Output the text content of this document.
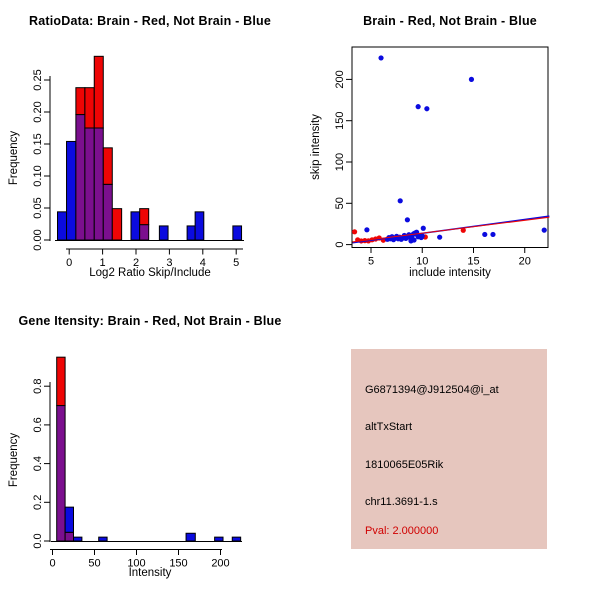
RatioData: Brain - Red, Not Brain - Blue
0.00
0.05
0.10
0.15
0.20
0.25
0 1 2 3 4 5
Log2 Ratio Skip/Include
Frequency
Brain - Red, Not Brain - Blue
5	10	15	20
0
50
100
150
200
include intensity
skip intensity
Gene Itensity: Brain - Red, Not Brain - Blue
0.0
0.2
0.4
0.6
0.8
0	50 100 150 200
Intensity
Frequency
G6871394@J912504@i_at
altTxStart
1810065E05Rik
chr11.3691-1.s
Pval: 2.000000
